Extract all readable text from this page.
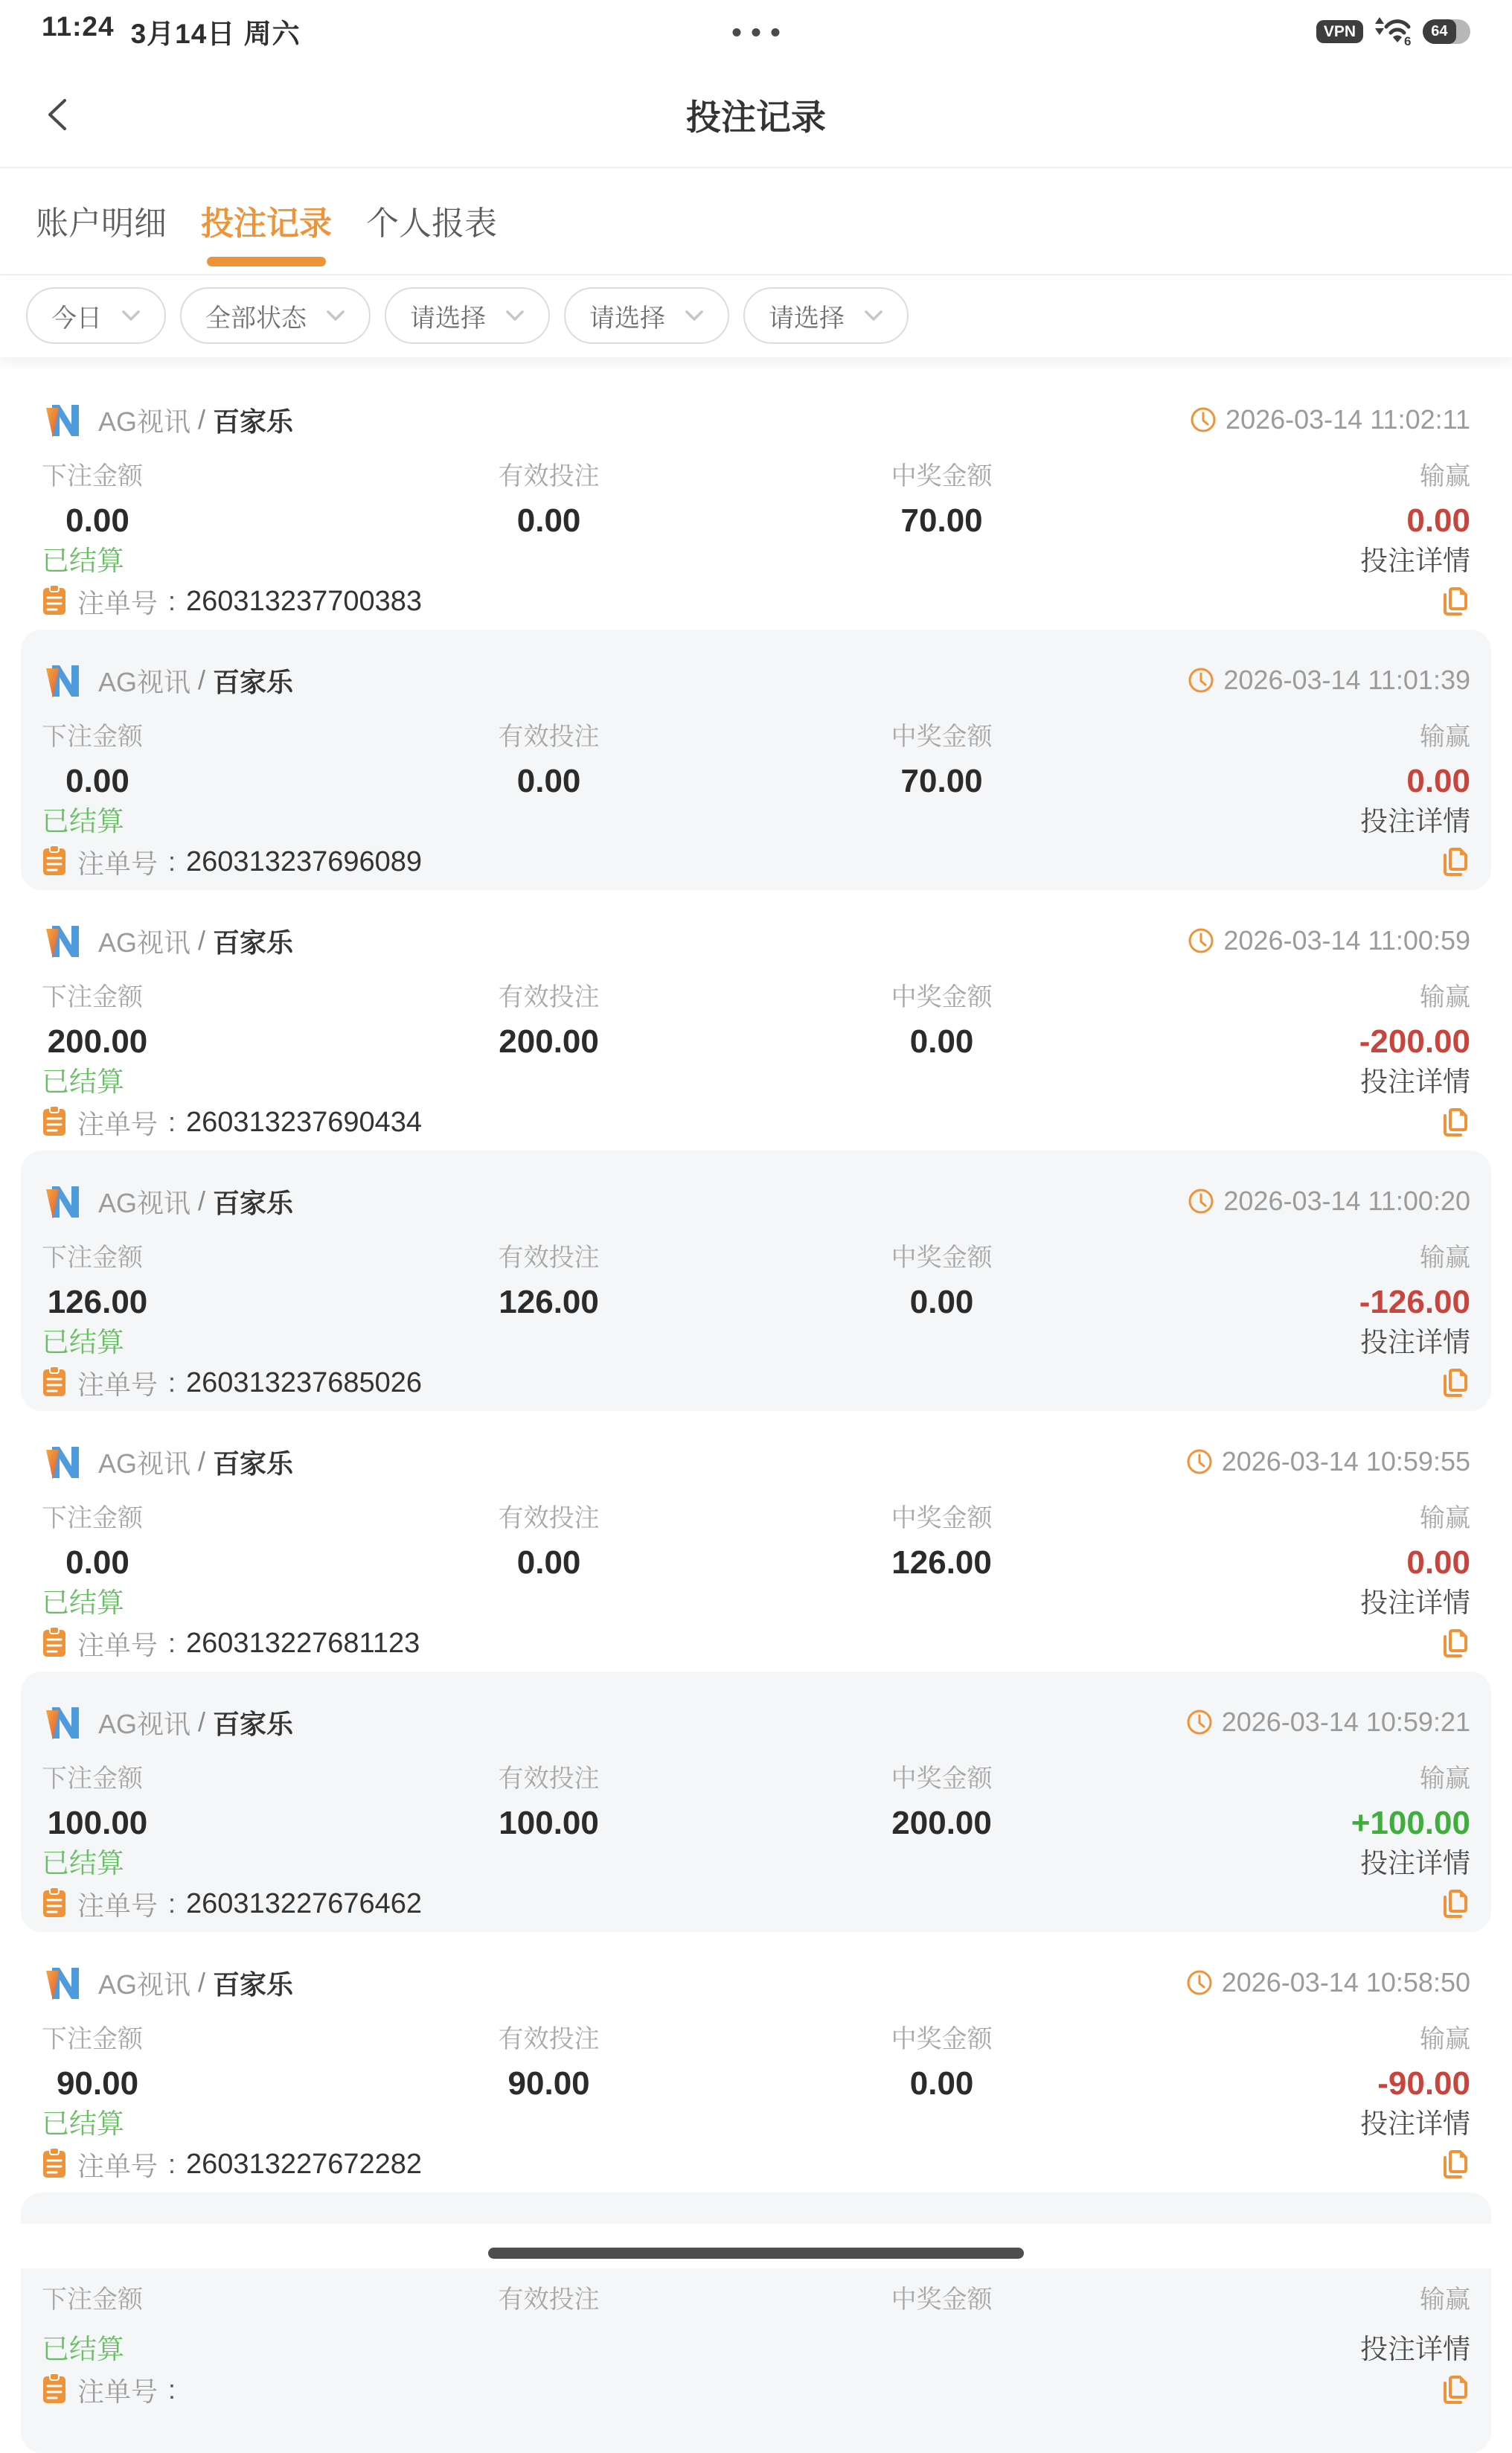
11:24 3月14日 周六	VPN
6
64
投注记录
账户明细 投注记录 个人报表
今日	全部状态	请选择	请选择	请选择
AG视讯 / 百家乐	2026-03-14 11:02:11
下注金额
0.00
有效投注
0.00
中奖金额
70.00
输赢
0.00
已结算	投注详情
注单号 : 260313237700383
AG视讯 / 百家乐	2026-03-14 11:01:39
下注金额
0.00
有效投注
0.00
中奖金额
70.00
输赢
0.00
已结算	投注详情
注单号 : 260313237696089
AG视讯 / 百家乐	2026-03-14 11:00:59
下注金额
200.00
有效投注
200.00
中奖金额
0.00
输赢
-200.00
已结算	投注详情
注单号 : 260313237690434
AG视讯 / 百家乐	2026-03-14 11:00:20
下注金额
126.00
有效投注
126.00
中奖金额
0.00
输赢
-126.00
已结算	投注详情
注单号 : 260313237685026
AG视讯 / 百家乐	2026-03-14 10:59:55
下注金额
0.00
有效投注
0.00
中奖金额
126.00
输赢
0.00
已结算	投注详情
注单号 : 260313227681123
AG视讯 / 百家乐	2026-03-14 10:59:21
下注金额
100.00
有效投注
100.00
中奖金额
200.00
输赢
+100.00
已结算	投注详情
注单号 : 260313227676462
AG视讯 / 百家乐	2026-03-14 10:58:50
下注金额
90.00
有效投注
90.00
中奖金额
0.00
输赢
-90.00
已结算	投注详情
注单号 : 260313227672282
下注金额	有效投注	中奖金额	输赢
已结算	投注详情
注单号 :
